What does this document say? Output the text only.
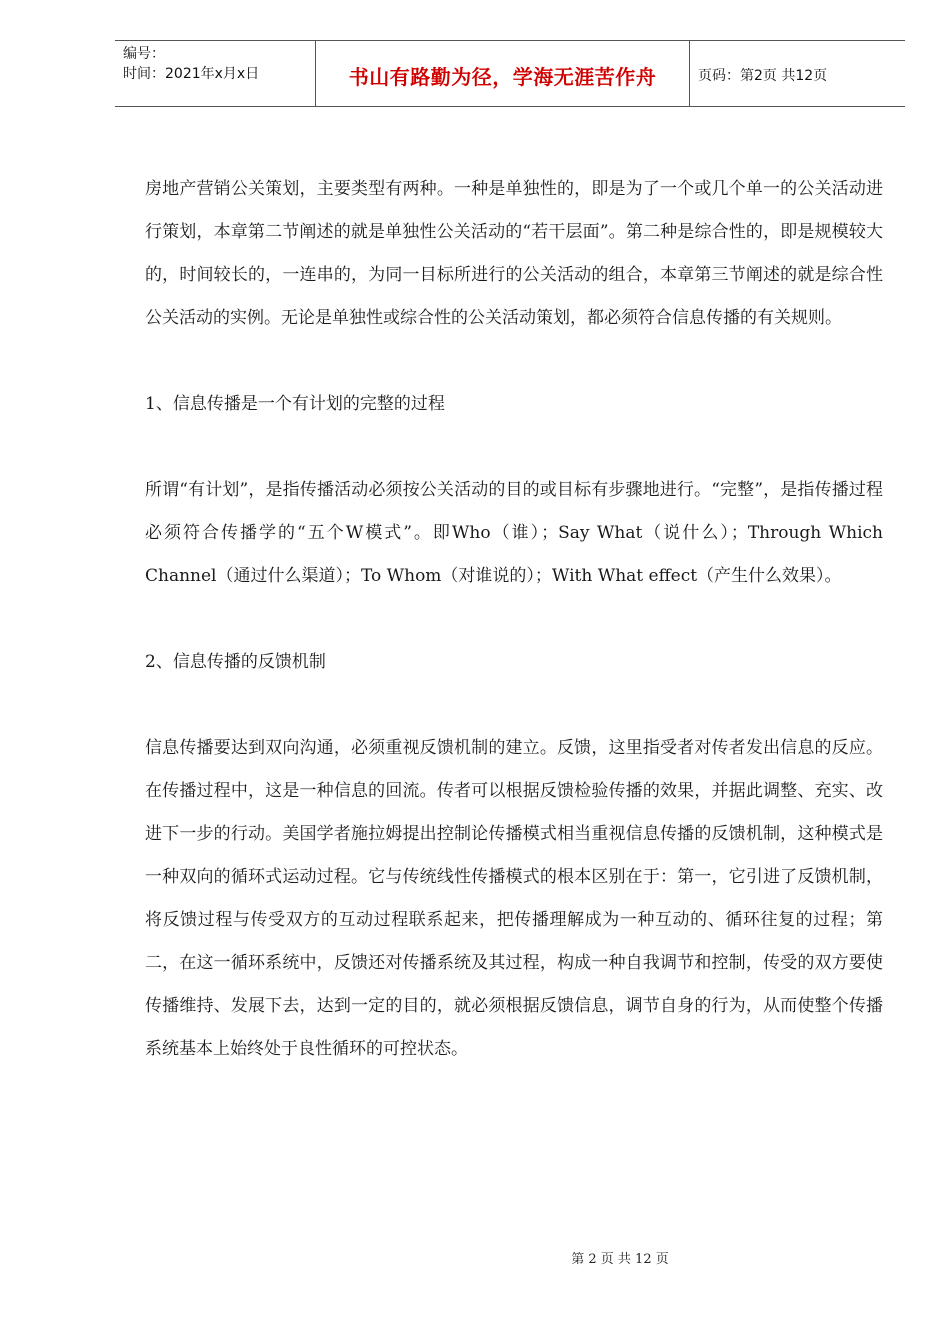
编号：
时间：2021年x月x日	书山有路勤为径，学海无涯苦作舟	页码：第2页 共12页

房地产营销公关策划，主要类型有两种。一种是单独性的，即是为了一个或几个单一的公关活动进行策划，本章第二节阐述的就是单独性公关活动的“若干层面”。第二种是综合性的，即是规模较大的，时间较长的，一连串的，为同一目标所进行的公关活动的组合，本章第三节阐述的就是综合性公关活动的实例。无论是单独性或综合性的公关活动策划，都必须符合信息传播的有关规则。

1、信息传播是一个有计划的完整的过程

所谓“有计划”，是指传播活动必须按公关活动的目的或目标有步骤地进行。“完整”，是指传播过程必须符合传播学的“五个W模式”。即Who（谁）；Say What（说什么）；Through Which Channel（通过什么渠道）；To Whom（对谁说的）；With What effect（产生什么效果）。

2、信息传播的反馈机制

信息传播要达到双向沟通，必须重视反馈机制的建立。反馈，这里指受者对传者发出信息的反应。在传播过程中，这是一种信息的回流。传者可以根据反馈检验传播的效果，并据此调整、充实、改进下一步的行动。美国学者施拉姆提出控制论传播模式相当重视信息传播的反馈机制，这种模式是一种双向的循环式运动过程。它与传统线性传播模式的根本区别在于：第一，它引进了反馈机制，将反馈过程与传受双方的互动过程联系起来，把传播理解成为一种互动的、循环往复的过程；第二，在这一循环系统中，反馈还对传播系统及其过程，构成一种自我调节和控制，传受的双方要使传播维持、发展下去，达到一定的目的，就必须根据反馈信息，调节自身的行为，从而使整个传播系统基本上始终处于良性循环的可控状态。

第 2 页 共 12 页
